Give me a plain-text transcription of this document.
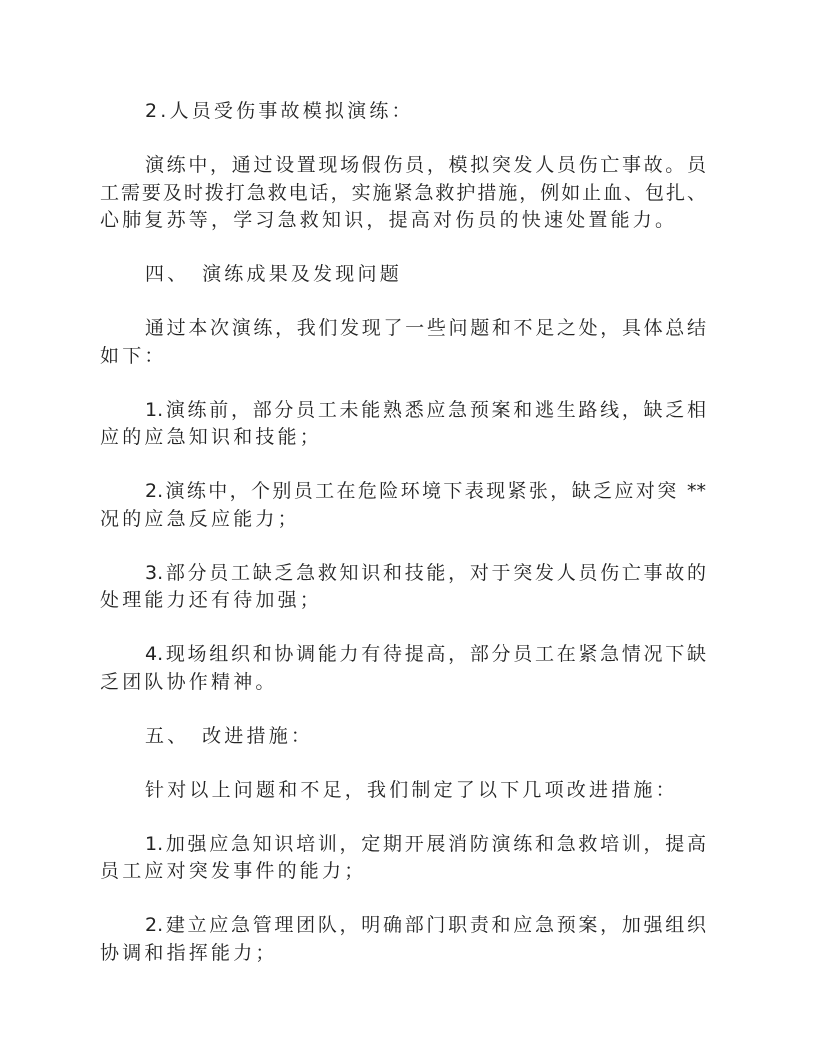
2.人员受伤事故模拟演练：
演练中，通过设置现场假伤员，模拟突发人员伤亡事故。员
工需要及时拨打急救电话，实施紧急救护措施，例如止血、包扎、
心肺复苏等，学习急救知识，提高对伤员的快速处置能力。
四、　演练成果及发现问题
通过本次演练，我们发现了一些问题和不足之处，具体总结
如下：
1.演练前，部分员工未能熟悉应急预案和逃生路线，缺乏相
应的应急知识和技能；
2.演练中，个别员工在危险环境下表现紧张，缺乏应对突 **
况的应急反应能力；
3.部分员工缺乏急救知识和技能，对于突发人员伤亡事故的
处理能力还有待加强；
4.现场组织和协调能力有待提高，部分员工在紧急情况下缺
乏团队协作精神。
五、　改进措施：
针对以上问题和不足，我们制定了以下几项改进措施：
1.加强应急知识培训，定期开展消防演练和急救培训，提高
员工应对突发事件的能力；
2.建立应急管理团队，明确部门职责和应急预案，加强组织
协调和指挥能力；
